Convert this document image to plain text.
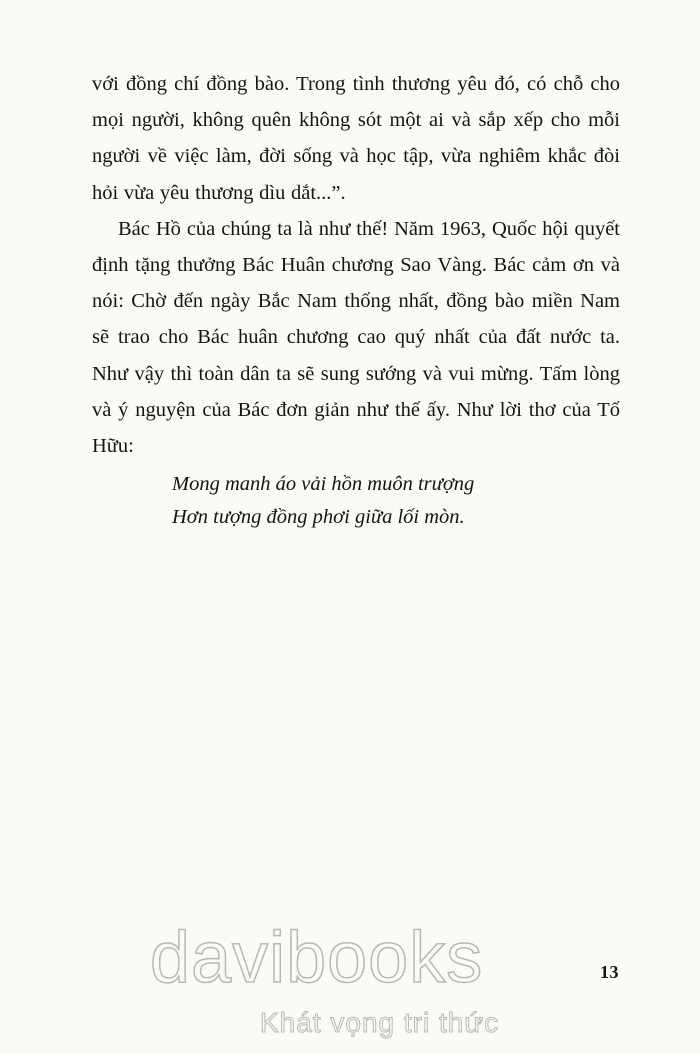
với đồng chí đồng bào. Trong tình thương yêu đó, có chỗ cho mọi người, không quên không sót một ai và sắp xếp cho mỗi người về việc làm, đời sống và học tập, vừa nghiêm khắc đòi hỏi vừa yêu thương dìu dắt...”.

Bác Hồ của chúng ta là như thế! Năm 1963, Quốc hội quyết định tặng thưởng Bác Huân chương Sao Vàng. Bác cảm ơn và nói: Chờ đến ngày Bắc Nam thống nhất, đồng bào miền Nam sẽ trao cho Bác huân chương cao quý nhất của đất nước ta. Như vậy thì toàn dân ta sẽ sung sướng và vui mừng. Tấm lòng và ý nguyện của Bác đơn giản như thế ấy. Như lời thơ của Tố Hữu:

Mong manh áo vải hồn muôn trượng
Hơn tượng đồng phơi giữa lối mòn.
13
davibooks
Khát vọng tri thức
